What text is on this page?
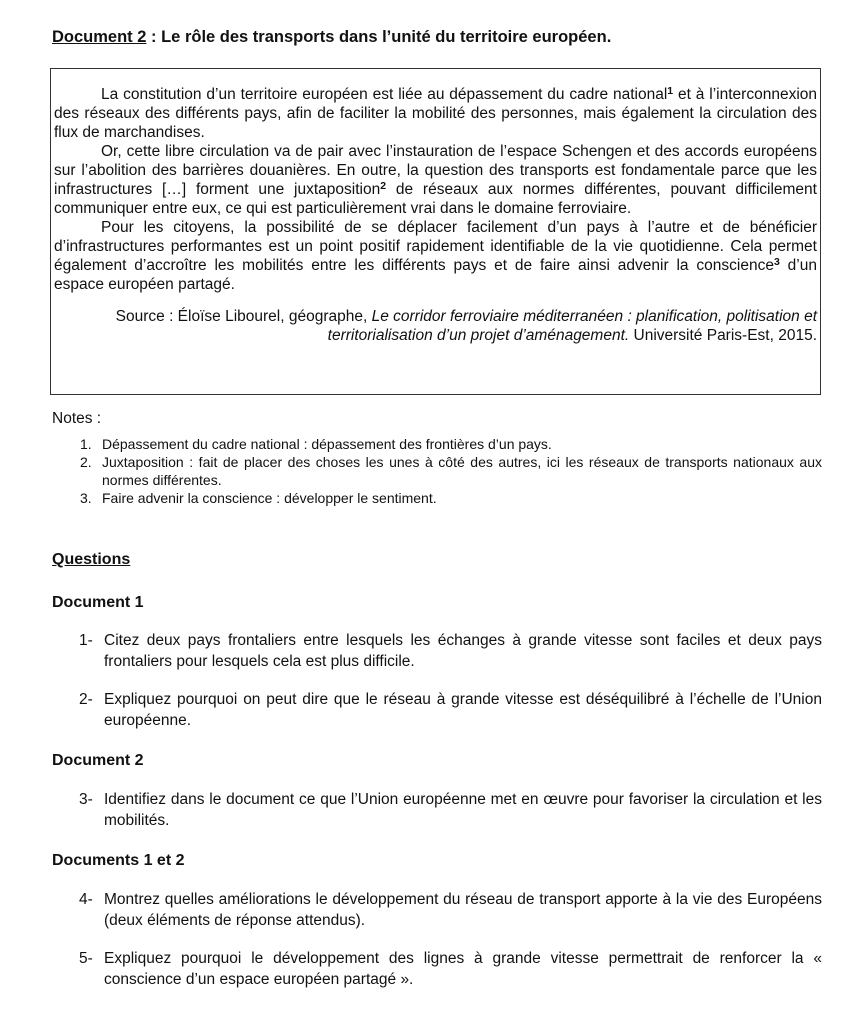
Document 2 : Le rôle des transports dans l’unité du territoire européen.

La constitution d’un territoire européen est liée au dépassement du cadre national$^1$ et à l’interconnexion des réseaux des différents pays, afin de faciliter la mobilité des personnes, mais également la circulation des flux de marchandises.

Or, cette libre circulation va de pair avec l’instauration de l’espace Schengen et des accords européens sur l’abolition des barrières douanières. En outre, la question des transports est fondamentale parce que les infrastructures […] forment une juxtaposition$^2$ de réseaux aux normes différentes, pouvant difficilement communiquer entre eux, ce qui est particulièrement vrai dans le domaine ferroviaire.

Pour les citoyens, la possibilité de se déplacer facilement d’un pays à l’autre et de bénéficier d’infrastructures performantes est un point positif rapidement identifiable de la vie quotidienne. Cela permet également d’accroître les mobilités entre les différents pays et de faire ainsi advenir la conscience$^3$ d’un espace européen partagé.

Source : Éloïse Libourel, géographe, Le corridor ferroviaire méditerranéen : planification, politisation et territorialisation d’un projet d’aménagement. Université Paris-Est, 2015.
Notes :
1. Dépassement du cadre national : dépassement des frontières d’un pays.
2. Juxtaposition : fait de placer des choses les unes à côté des autres, ici les réseaux de transports nationaux aux normes différentes.
3. Faire advenir la conscience : développer le sentiment.
Questions
Document 1
1- Citez deux pays frontaliers entre lesquels les échanges à grande vitesse sont faciles et deux pays frontaliers pour lesquels cela est plus difficile.
2- Expliquez pourquoi on peut dire que le réseau à grande vitesse est déséquilibré à l’échelle de l’Union européenne.
Document 2
3- Identifiez dans le document ce que l’Union européenne met en œuvre pour favoriser la circulation et les mobilités.
Documents 1 et 2
4- Montrez quelles améliorations le développement du réseau de transport apporte à la vie des Européens (deux éléments de réponse attendus).
5- Expliquez pourquoi le développement des lignes à grande vitesse permettrait de renforcer la « conscience d’un espace européen partagé ».
